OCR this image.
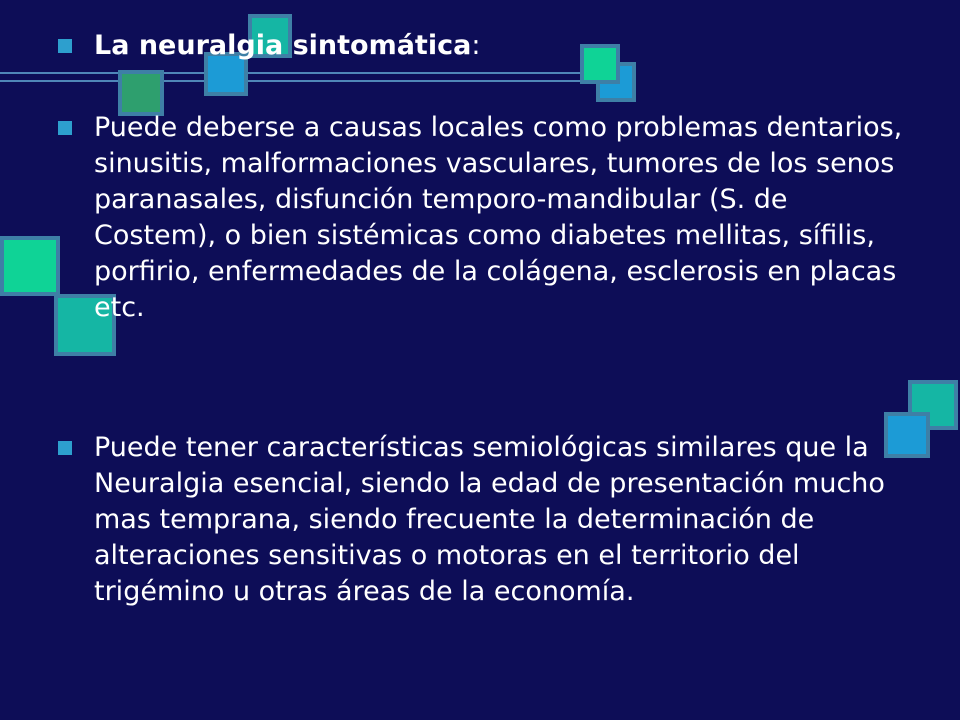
La neuralgia sintomática:

Puede deberse a causas locales como problemas dentarios, sinusitis, malformaciones vasculares, tumores de los senos paranasales, disfunción temporo-mandibular (S. de Costem), o bien sistémicas como diabetes mellitas, sífilis, porfirio, enfermedades de la colágena, esclerosis en placas etc.

Puede tener características semiológicas similares que la Neuralgia esencial, siendo la edad de presentación mucho mas temprana, siendo frecuente la determinación de alteraciones sensitivas o motoras en el territorio del trigémino u otras áreas de la economía.
